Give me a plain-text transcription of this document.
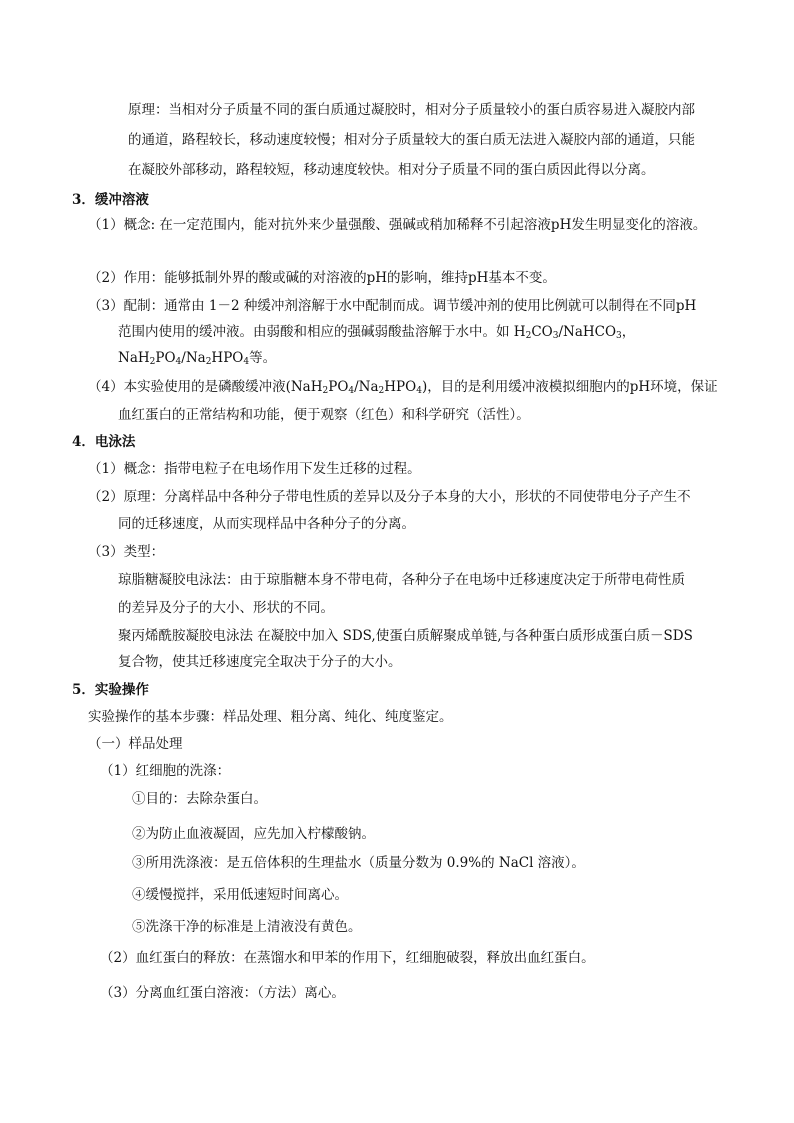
原理：当相对分子质量不同的蛋白质通过凝胶时，相对分子质量较小的蛋白质容易进入凝胶内部
的通道，路程较长，移动速度较慢；相对分子质量较大的蛋白质无法进入凝胶内部的通道，只能
在凝胶外部移动，路程较短，移动速度较快。相对分子质量不同的蛋白质因此得以分离。
3．缓冲溶液
（1）概念: 在一定范围内，能对抗外来少量强酸、强碱或稍加稀释不引起溶液pH发生明显变化的溶液。
（2）作用：能够抵制外界的酸或碱的对溶液的pH的影响，维持pH基本不变。
（3）配制：通常由 1－2 种缓冲剂溶解于水中配制而成。调节缓冲剂的使用比例就可以制得在不同pH
范围内使用的缓冲液。由弱酸和相应的强碱弱酸盐溶解于水中。如 $H_2CO_3/NaHCO_3$，
$NaH_2PO_4/Na_2HPO_4$等。
（4）本实验使用的是磷酸缓冲液$(NaH_2PO_4/Na_2HPO_4)$，目的是利用缓冲液模拟细胞内的pH环境，保证
血红蛋白的正常结构和功能，便于观察（红色）和科学研究（活性）。
4．电泳法
（1）概念：指带电粒子在电场作用下发生迁移的过程。
（2）原理：分离样品中各种分子带电性质的差异以及分子本身的大小，形状的不同使带电分子产生不
同的迁移速度，从而实现样品中各种分子的分离。
（3）类型：
琼脂糖凝胶电泳法：由于琼脂糖本身不带电荷，各种分子在电场中迁移速度决定于所带电荷性质
的差异及分子的大小、形状的不同。
聚丙烯酰胺凝胶电泳法 在凝胶中加入 SDS,使蛋白质解聚成单链,与各种蛋白质形成蛋白质－SDS
复合物，使其迁移速度完全取决于分子的大小。
5．实验操作
实验操作的基本步骤：样品处理、粗分离、纯化、纯度鉴定。
（一）样品处理
（1）红细胞的洗涤：
①目的：去除杂蛋白。
②为防止血液凝固，应先加入柠檬酸钠。
③所用洗涤液：是五倍体积的生理盐水（质量分数为 0.9%的 NaCl 溶液）。
④缓慢搅拌，采用低速短时间离心。
⑤洗涤干净的标准是上清液没有黄色。
（2）血红蛋白的释放：在蒸馏水和甲苯的作用下，红细胞破裂，释放出血红蛋白。
（3）分离血红蛋白溶液：（方法）离心。
